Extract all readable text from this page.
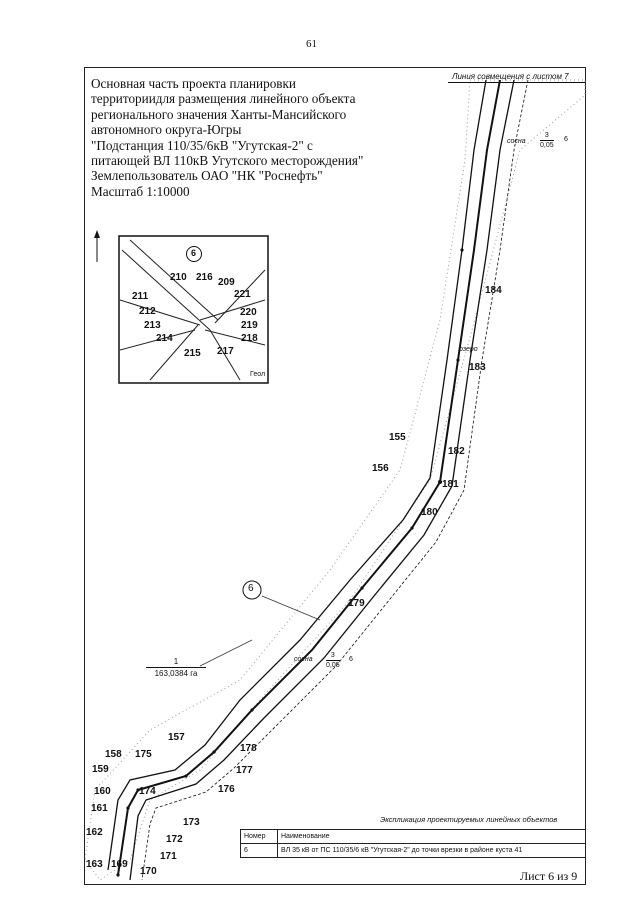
61
Основная часть проекта планировки
территориидля размещения линейного объекта
регионального значения Ханты-Мансийского
автономного округа-Югры
"Подстанция 110/35/6кВ "Угутская-2" с
питающей ВЛ 110кВ Угутского месторождения"
Землепользователь ОАО "НК "Роснефть"
Масштаб 1:10000
Линия совмещения с листом 7
6
210 216 209
221
211
212	220
213	219
214	218
215 217
Геол
сосна
3
0,05
6
сосна
3
0,05
6
озеро
6
1
163,0384 га
184
183
155
182
156
181
180
179
157
178
158 175
177
159
160	174	176
161
173
162
172
171
163 169
170
Экспликация проектируемых линейных объектов
Номер	Наименование
6	ВЛ 35 кВ от ПС 110/35/6 кВ "Угутская-2" до точки врезки в районе куста 41
Лист 6 из 9
